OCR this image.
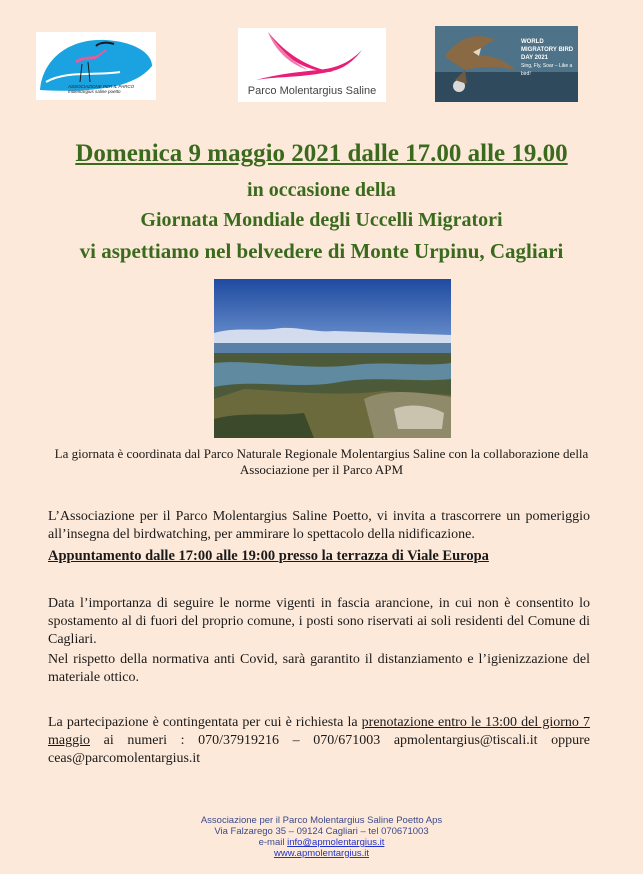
ASSOCIAZIONE PER IL PARCO molentargius saline poetto	Parco Molentargius Saline
WORLD MIGRATORY BIRD DAY 2021
Sing, Fly, Soar – Like a bird!
Domenica 9 maggio 2021 dalle 17.00 alle 19.00
in occasione della
Giornata Mondiale degli Uccelli Migratori
vi aspettiamo nel belvedere di Monte Urpinu, Cagliari
La giornata è coordinata dal Parco Naturale Regionale Molentargius Saline con la collaborazione della Associazione per il Parco APM
L’Associazione per il Parco Molentargius Saline Poetto, vi invita a trascorrere un pomeriggio all’insegna del birdwatching, per ammirare lo spettacolo della nidificazione.
Appuntamento dalle 17:00 alle 19:00 presso la terrazza di Viale Europa
Data l’importanza di seguire le norme vigenti in fascia arancione, in cui non è consentito lo spostamento al di fuori del proprio comune, i posti sono riservati ai soli residenti del Comune di Cagliari.
Nel rispetto della normativa anti Covid, sarà garantito il distanziamento e l’igienizzazione del materiale ottico.
La partecipazione è contingentata per cui è richiesta la prenotazione entro le 13:00 del giorno 7 maggio ai numeri : 070/37919216 – 070/671003 apmolentargius@tiscali.it oppure ceas@parcomolentargius.it
Associazione per il Parco Molentargius Saline Poetto Aps
Via Falzarego 35 – 09124 Cagliari – tel 070671003
e-mail info@apmolentargius.it
www.apmolentargius.it
